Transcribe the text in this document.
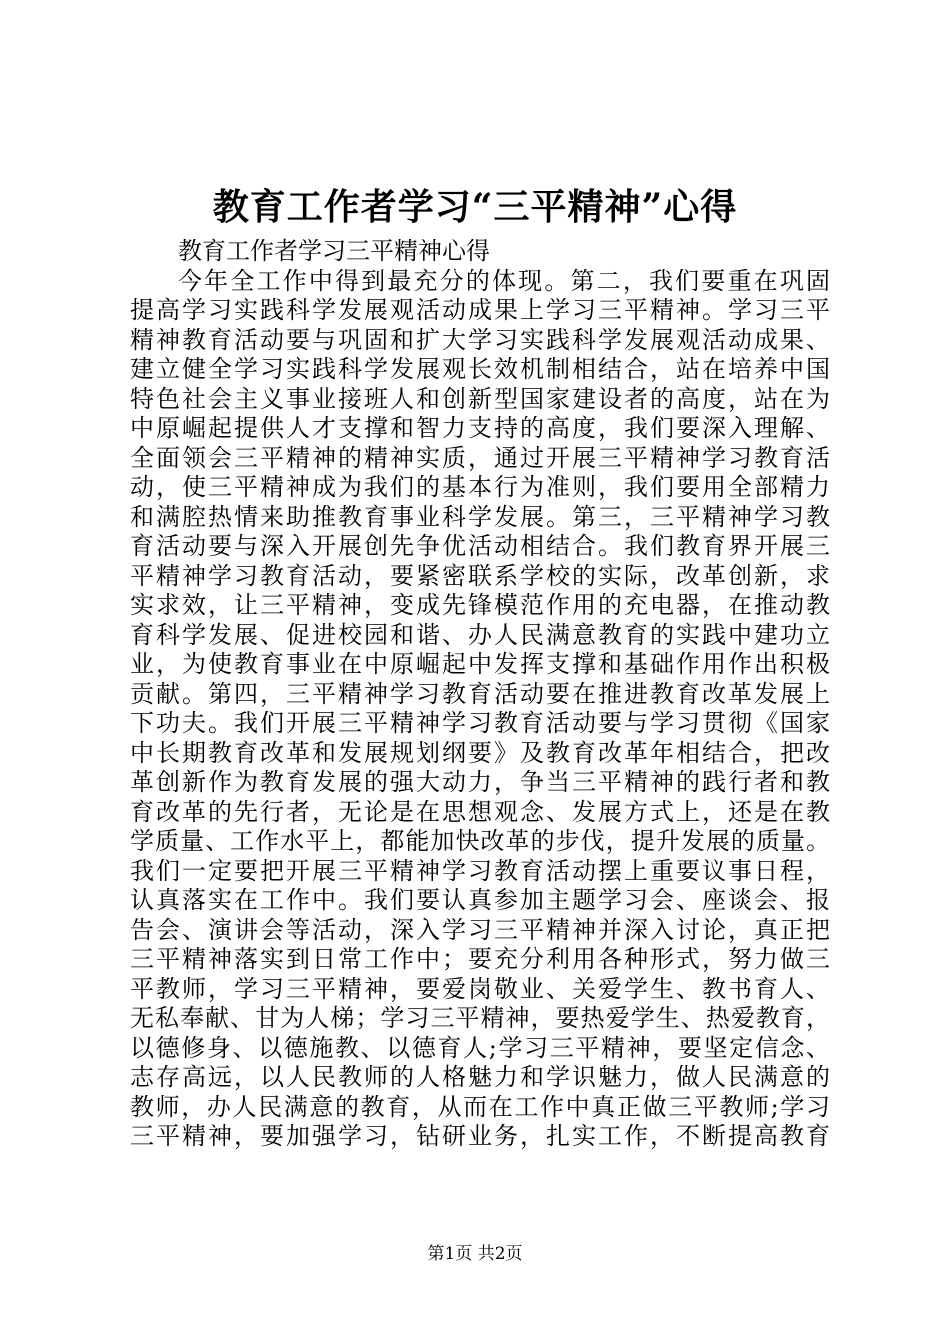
教育工作者学习“三平精神”心得
教育工作者学习三平精神心得
今年全工作中得到最充分的体现。第二，我们要重在巩固
提高学习实践科学发展观活动成果上学习三平精神。学习三平
精神教育活动要与巩固和扩大学习实践科学发展观活动成果、
建立健全学习实践科学发展观长效机制相结合，站在培养中国
特色社会主义事业接班人和创新型国家建设者的高度，站在为
中原崛起提供人才支撑和智力支持的高度，我们要深入理解、
全面领会三平精神的精神实质，通过开展三平精神学习教育活
动，使三平精神成为我们的基本行为准则，我们要用全部精力
和满腔热情来助推教育事业科学发展。第三，三平精神学习教
育活动要与深入开展创先争优活动相结合。我们教育界开展三
平精神学习教育活动，要紧密联系学校的实际，改革创新，求
实求效，让三平精神，变成先锋模范作用的充电器，在推动教
育科学发展、促进校园和谐、办人民满意教育的实践中建功立
业，为使教育事业在中原崛起中发挥支撑和基础作用作出积极
贡献。第四，三平精神学习教育活动要在推进教育改革发展上
下功夫。我们开展三平精神学习教育活动要与学习贯彻《国家
中长期教育改革和发展规划纲要》及教育改革年相结合，把改
革创新作为教育发展的强大动力，争当三平精神的践行者和教
育改革的先行者，无论是在思想观念、发展方式上，还是在教
学质量、工作水平上，都能加快改革的步伐，提升发展的质量。
我们一定要把开展三平精神学习教育活动摆上重要议事日程，
认真落实在工作中。我们要认真参加主题学习会、座谈会、报
告会、演讲会等活动，深入学习三平精神并深入讨论，真正把
三平精神落实到日常工作中；要充分利用各种形式，努力做三
平教师，学习三平精神，要爱岗敬业、关爱学生、教书育人、
无私奉献、甘为人梯；学习三平精神，要热爱学生、热爱教育，
以德修身、以德施教、以德育人;学习三平精神，要坚定信念、
志存高远，以人民教师的人格魅力和学识魅力，做人民满意的
教师，办人民满意的教育，从而在工作中真正做三平教师;学习
三平精神，要加强学习，钻研业务，扎实工作，不断提高教育
第1页 共2页
